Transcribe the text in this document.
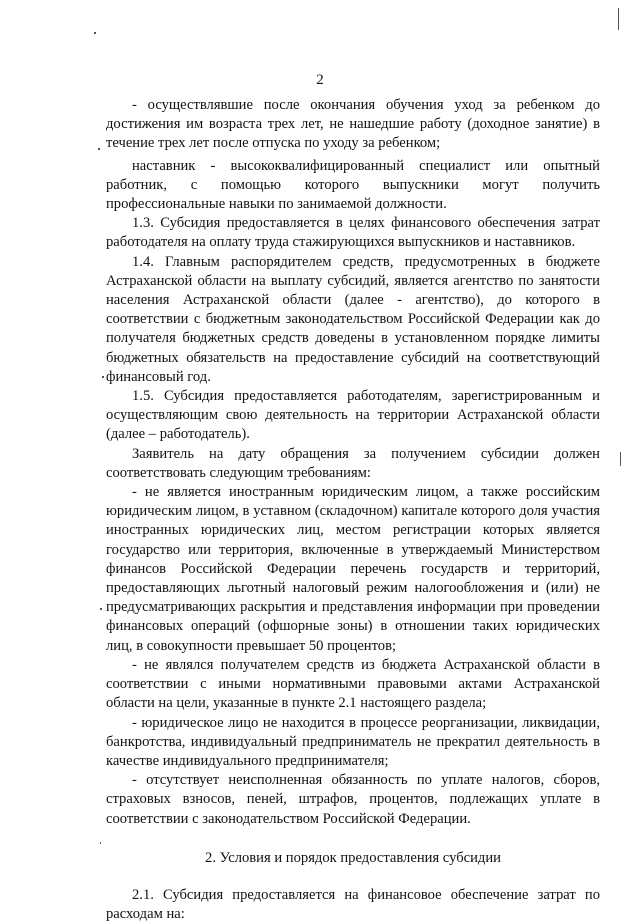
2

- осуществлявшие после окончания обучения уход за ребенком до достижения им возраста трех лет, не нашедшие работу (доходное занятие) в течение трех лет после отпуска по уходу за ребенком;

наставник - высококвалифицированный специалист или опытный работник, с помощью которого выпускники могут получить профессиональные навыки по занимаемой должности.

1.3. Субсидия предоставляется в целях финансового обеспечения затрат работодателя на оплату труда стажирующихся выпускников и наставников.

1.4. Главным распорядителем средств, предусмотренных в бюджете Астраханской области на выплату субсидий, является агентство по занятости населения Астраханской области (далее - агентство), до которого в соответствии с бюджетным законодательством Российской Федерации как до получателя бюджетных средств доведены в установленном порядке лимиты бюджетных обязательств на предоставление субсидий на соответствующий финансовый год.

1.5. Субсидия предоставляется работодателям, зарегистрированным и осуществляющим свою деятельность на территории Астраханской области (далее – работодатель).

Заявитель на дату обращения за получением субсидии должен соответствовать следующим требованиям:

- не является иностранным юридическим лицом, а также российским юридическим лицом, в уставном (складочном) капитале которого доля участия иностранных юридических лиц, местом регистрации которых является государство или территория, включенные в утверждаемый Министерством финансов Российской Федерации перечень государств и территорий, предоставляющих льготный налоговый режим налогообложения и (или) не предусматривающих раскрытия и представления информации при проведении финансовых операций (офшорные зоны) в отношении таких юридических лиц, в совокупности превышает 50 процентов;

- не являлся получателем средств из бюджета Астраханской области в соответствии с иными нормативными правовыми актами Астраханской области на цели, указанные в пункте 2.1 настоящего раздела;

- юридическое лицо не находится в процессе реорганизации, ликвидации, банкротства, индивидуальный предприниматель не прекратил деятельность в качестве индивидуального предпринимателя;

- отсутствует неисполненная обязанность по уплате налогов, сборов, страховых взносов, пеней, штрафов, процентов, подлежащих уплате в соответствии с законодательством Российской Федерации.

2. Условия и порядок предоставления субсидии

2.1. Субсидия предоставляется на финансовое обеспечение затрат по расходам на:
